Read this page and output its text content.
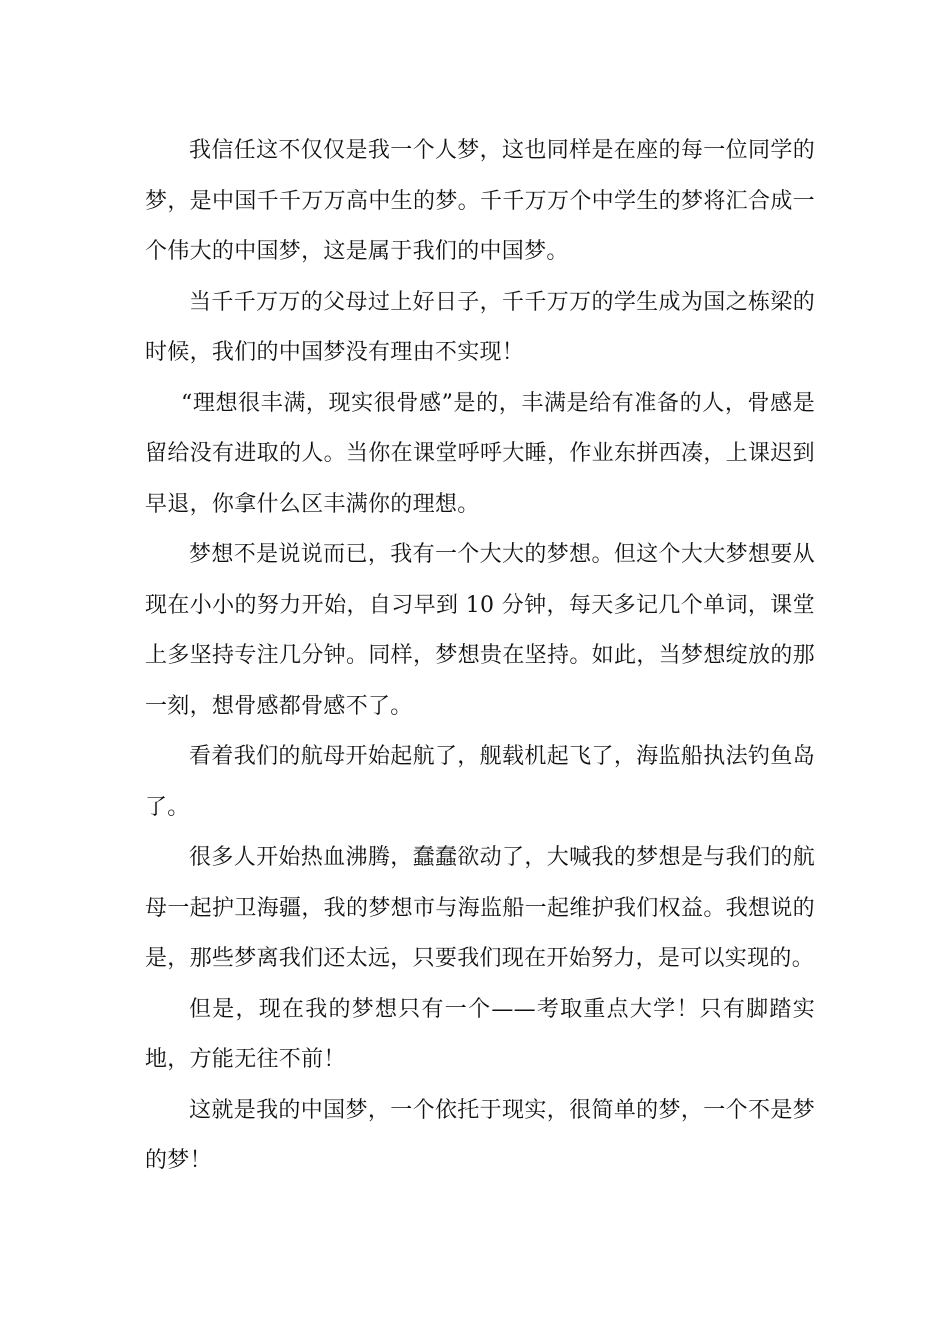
我信任这不仅仅是我一个人梦，这也同样是在座的每一位同学的梦，是中国千千万万高中生的梦。千千万万个中学生的梦将汇合成一个伟大的中国梦，这是属于我们的中国梦。

当千千万万的父母过上好日子，千千万万的学生成为国之栋梁的时候，我们的中国梦没有理由不实现！

“理想很丰满，现实很骨感”是的，丰满是给有准备的人，骨感是留给没有进取的人。当你在课堂呼呼大睡，作业东拼西凑，上课迟到早退，你拿什么区丰满你的理想。

梦想不是说说而已，我有一个大大的梦想。但这个大大梦想要从现在小小的努力开始，自习早到 10 分钟，每天多记几个单词，课堂上多坚持专注几分钟。同样，梦想贵在坚持。如此，当梦想绽放的那一刻，想骨感都骨感不了。

看着我们的航母开始起航了，舰载机起飞了，海监船执法钓鱼岛了。

很多人开始热血沸腾，蠢蠢欲动了，大喊我的梦想是与我们的航母一起护卫海疆，我的梦想市与海监船一起维护我们权益。我想说的是，那些梦离我们还太远，只要我们现在开始努力，是可以实现的。

但是，现在我的梦想只有一个——考取重点大学！只有脚踏实地，方能无往不前！

这就是我的中国梦，一个依托于现实，很简单的梦，一个不是梦的梦！
